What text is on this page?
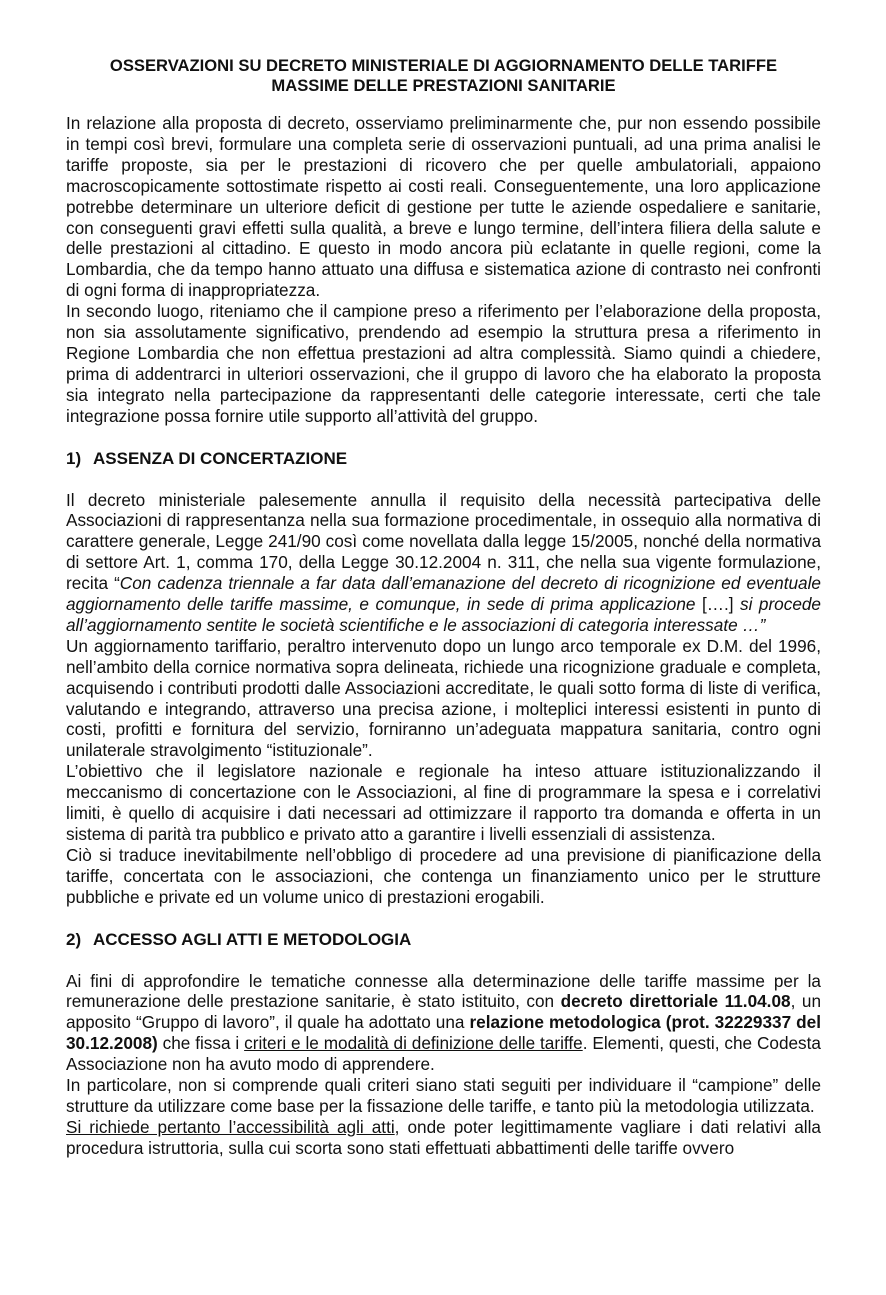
OSSERVAZIONI SU DECRETO MINISTERIALE DI AGGIORNAMENTO DELLE TARIFFE
MASSIME DELLE PRESTAZIONI SANITARIE

In relazione alla proposta di decreto, osserviamo preliminarmente che, pur non essendo possibile in tempi così brevi, formulare una completa serie di osservazioni puntuali, ad una prima analisi le tariffe proposte, sia per le prestazioni di ricovero che per quelle ambulatoriali, appaiono macroscopicamente sottostimate rispetto ai costi reali. Conseguentemente, una loro applicazione potrebbe determinare un ulteriore deficit di gestione per tutte le aziende ospedaliere e sanitarie, con conseguenti gravi effetti sulla qualità, a breve e lungo termine, dell’intera filiera della salute e delle prestazioni al cittadino. E questo in modo ancora più eclatante in quelle regioni, come la Lombardia, che da tempo hanno attuato una diffusa e sistematica azione di contrasto nei confronti di ogni forma di inappropriatezza.

In secondo luogo, riteniamo che il campione preso a riferimento per l’elaborazione della proposta, non sia assolutamente significativo, prendendo ad esempio la struttura presa a riferimento in Regione Lombardia che non effettua prestazioni ad altra complessità. Siamo quindi a chiedere, prima di addentrarci in ulteriori osservazioni, che il gruppo di lavoro che ha elaborato la proposta sia integrato nella partecipazione da rappresentanti delle categorie interessate, certi che tale integrazione possa fornire utile supporto all’attività del gruppo.

1) ASSENZA DI CONCERTAZIONE

Il decreto ministeriale palesemente annulla il requisito della necessità partecipativa delle Associazioni di rappresentanza nella sua formazione procedimentale, in ossequio alla normativa di carattere generale, Legge 241/90 così come novellata dalla legge 15/2005, nonché della normativa di settore Art. 1, comma 170, della Legge 30.12.2004 n. 311, che nella sua vigente formulazione, recita “Con cadenza triennale a far data dall’emanazione del decreto di ricognizione ed eventuale aggiornamento delle tariffe massime, e comunque, in sede di prima applicazione [….] si procede all’aggiornamento sentite le società scientifiche e le associazioni di categoria interessate …”

Un aggiornamento tariffario, peraltro intervenuto dopo un lungo arco temporale ex D.M. del 1996, nell’ambito della cornice normativa sopra delineata, richiede una ricognizione graduale e completa, acquisendo i contributi prodotti dalle Associazioni accreditate, le quali sotto forma di liste di verifica, valutando e integrando, attraverso una precisa azione, i molteplici interessi esistenti in punto di costi, profitti e fornitura del servizio, forniranno un’adeguata mappatura sanitaria, contro ogni unilaterale stravolgimento “istituzionale”.

L’obiettivo che il legislatore nazionale e regionale ha inteso attuare istituzionalizzando il meccanismo di concertazione con le Associazioni, al fine di programmare la spesa e i correlativi limiti, è quello di acquisire i dati necessari ad ottimizzare il rapporto tra domanda e offerta in un sistema di parità tra pubblico e privato atto a garantire i livelli essenziali di assistenza.

Ciò si traduce inevitabilmente nell’obbligo di procedere ad una previsione di pianificazione della tariffe, concertata con le associazioni, che contenga un finanziamento unico per le strutture pubbliche e private ed un volume unico di prestazioni erogabili.

2) ACCESSO AGLI ATTI E METODOLOGIA

Ai fini di approfondire le tematiche connesse alla determinazione delle tariffe massime per la remunerazione delle prestazione sanitarie, è stato istituito, con decreto direttoriale 11.04.08, un apposito “Gruppo di lavoro”, il quale ha adottato una relazione metodologica (prot. 32229337 del 30.12.2008) che fissa i criteri e le modalità di definizione delle tariffe. Elementi, questi, che Codesta Associazione non ha avuto modo di apprendere.

In particolare, non si comprende quali criteri siano stati seguiti per individuare il “campione” delle strutture da utilizzare come base per la fissazione delle tariffe, e tanto più la metodologia utilizzata.

Si richiede pertanto l’accessibilità agli atti, onde poter legittimamente vagliare i dati relativi alla procedura istruttoria, sulla cui scorta sono stati effettuati abbattimenti delle tariffe ovvero
